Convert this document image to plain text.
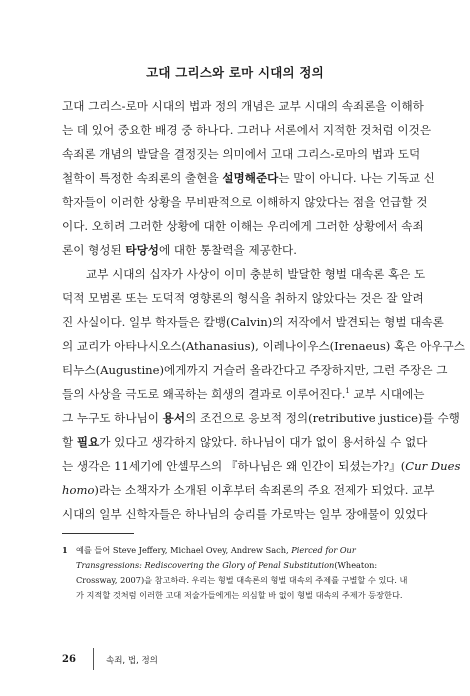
고대 그리스와 로마 시대의 정의
고대 그리스-로마 시대의 법과 정의 개념은 교부 시대의 속죄론을 이해하
는 데 있어 중요한 배경 중 하나다. 그러나 서론에서 지적한 것처럼 이것은
속죄론 개념의 발달을 결정짓는 의미에서 고대 그리스-로마의 법과 도덕
철학이 특정한 속죄론의 출현을 설명해준다는 말이 아니다. 나는 기독교 신
학자들이 이러한 상황을 무비판적으로 이해하지 않았다는 점을 언급할 것
이다. 오히려 그러한 상황에 대한 이해는 우리에게 그러한 상황에서 속죄
론이 형성된 타당성에 대한 통찰력을 제공한다.
교부 시대의 십자가 사상이 이미 충분히 발달한 형벌 대속론 혹은 도
덕적 모범론 또는 도덕적 영향론의 형식을 취하지 않았다는 것은 잘 알려
진 사실이다. 일부 학자들은 칼뱅(Calvin)의 저작에서 발견되는 형벌 대속론
의 교리가 아타나시오스(Athanasius), 이레나이우스(Irenaeus) 혹은 아우구스
티누스(Augustine)에게까지 거슬러 올라간다고 주장하지만, 그런 주장은 그
들의 사상을 극도로 왜곡하는 희생의 결과로 이루어진다.$^1$ 교부 시대에는
그 누구도 하나님이 용서의 조건으로 응보적 정의(retributive justice)를 수행
할 필요가 있다고 생각하지 않았다. 하나님이 대가 없이 용서하실 수 없다
는 생각은 11세기에 안셀무스의 『하나님은 왜 인간이 되셨는가?』(Cur Dues
homo)라는 소책자가 소개된 이후부터 속죄론의 주요 전제가 되었다. 교부
시대의 일부 신학자들은 하나님의 승리를 가로막는 일부 장애물이 있었다
1 예를 들어 Steve Jeffery, Michael Ovey, Andrew Sach, Pierced for Our Transgressions: Rediscovering the Glory of Penal Substitution(Wheaton: Crossway, 2007)을 참고하라. 우리는 형벌 대속론의 형벌 대속의 주제를 구별할 수 있다. 내가 지적할 것처럼 이러한 고대 저술가들에게는 의심할 바 없이 형벌 대속의 주제가 등장한다.
26	속죄, 법, 정의
